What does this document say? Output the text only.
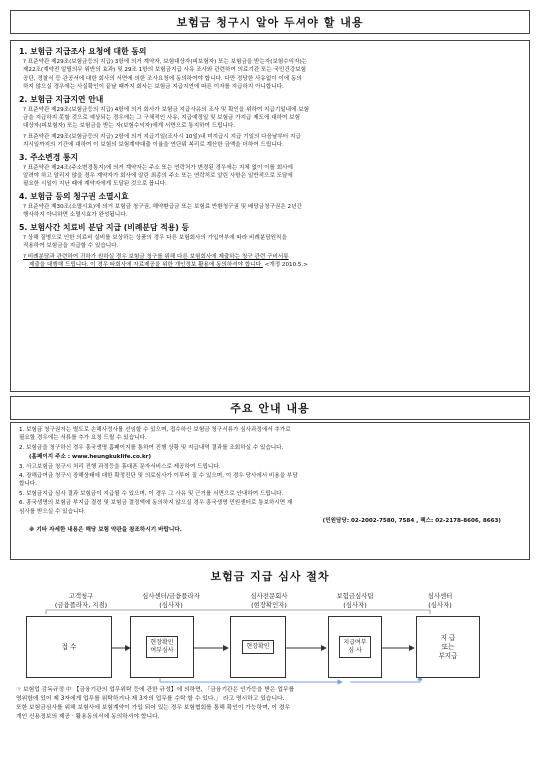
보험금 청구시 알아 두셔야 할 내용
1. 보험금 지급조사 요청에 대한 동의
? 표준약관 제29조(보험금등의 지급) 3항에 의거 계약자, 보험대상자(피보험자) 또는 보험금을 받는자(보험수익자)는
제22조(계약전 알릴의무 위반의 효과) 및 29조 1항의 보험금지급 사유 조사와 관련하여 의료기관 또는 국민건강보험
공단, 경찰서 등 관공서에 대한 회사의 서면에 의한 조사요청에 동의하여야 합니다. 다만 정당한 사유없이 이에 동의
하지 않으실 경우에는 사실확인이 끝날 때까지 회사는 보험금 지급지연에 따른 이자를 지급하지 아니합니다.
2. 보험금 지급지연 안내
? 표준약관 제29조(보험금등의 지급) 4항에 의거 회사가 보험금 지급사유의 조사 및 확인을 위하여 지급기일내에 보험
금을 지급하지 못할 것으로 예상되는 경우에는 그 구체적인 사유, 지급예정일 및 보험금 가지급 제도에 대하여 보험
대상자(피보험자) 또는 보험금을 받는 자(보험수익자)에게 서면으로 통지하여 드립니다.
? 표준약관 제29조(보험금등의 지급) 2항에 의거 지급기일(조사시 10일)내 미지급시 지급 기일의 다음날부터 지급
지시일까지의 기간에 대하여 이 보험의 보험계약대출 이율을 연단위 복리로 계산한 금액을 더하여 드립니다.
3. 주소변경 통지
? 표준약관 제24조(주소변경통지)에 의거 계약자는 주소 또는 연락처가 변경된 경우에는 지체 없이 이를 회사에
알려야 하고 알리지 않을 경우 계약자가 회사에 알린 최종의 주소 또는 연락처로 알린 사항은 일반적으로 도달에
필요한 시일이 지난 때에 계약자에게 도달된 것으로 봅니다.
4. 보험금 등의 청구권 소멸시효
? 표준약관 제30조(소멸시효)에 의거 보험금 청구권, 해약환급금 또는 보험료 반환청구권 및 배당금청구권은 2년간
행사하지 아니하면 소멸시효가 완성됩니다.
5. 보험사간 치료비 분담 지급 (비례분담 적용) 등
? 상해 질병으로 인한 의료비 실비를 보상하는 상품의 경우 다른 보험회사의 가입여부에 따라 비례분담원칙을
적용하여 보험금을 지급할 수 있습니다.
? 비례분담과 관련하여 귀하가 원하실 경우 보험금 청구를 위해 다른 보험회사에 제출하는 청구 관련 구비서류
제출을 대행해 드립니다. 이 경우 타회사에 자료제공을 위한 개인정보 활용에 동의하셔야 합니다. <개정 2010.5.>
주요 안내 내용
1. 보험금 청구권자는 별도로 손해사정사를 선임할 수 있으며, 접수하신 보험금 청구서류가 심사과정에서 추가로
필요할 경우에는 서류를 추가 요청 드릴 수 있습니다.
2. 보험금을 청구하신 경우 흥국생명 홈페이지를 통하여 진행 상황 및 지급내역 결과를 조회하실 수 있습니다.
(홈페이지 주소 : www.heungkuklife.co.kr)
3. 사고보험금 청구시 처리 진행 과정등을 휴대폰 문자서비스로 제공하여 드립니다.
4. 장해급여금 청구시 장해상태에 대한 확정진단 및 의료심사가 이루어 질 수 있으며, 이 경우 당사에서 비용을 부담
합니다.
5. 보험금지급 심사 결과 보험금이 지급될 수 있으며, 이 경우 그 사유 및 근거를 서면으로 안내하여 드립니다.
6. 흥국생명의 보험금 부지급 결정 및 보험금 결정액에 동의하지 않으실 경우 흥국생명 민원센터로 통보하시면 재
심사를 받으실 수 있습니다.
(민원담당: 02-2002-7580, 7584 , 팩스: 02-2178-8606, 8663)
※ 기타 자세한 내용은 해당 보험 약관을 참조하시기 바랍니다.
보험금 지급 심사 절차
고객청구
(금융플라자, 지점)
심사센터/금융플라자
(심사자)
심사전문회사
(현장확인자)
보험금심사팀
(심사자)
심사센터
(심사자)
접 수	현장확인
여부심사
현장확인
지급여부
심 사
지 급
또는
부지급
☞ 보험업 감독규정 中 【금융기관의 업무위탁 등에 관한 규정】에 의하면, 「금융기관은 인가등을 받은 업무를
영위함에 있어 제 3자에게 업무를 위탁하거나 제 3자의 업무를 수탁 할 수 있다.」 라고 명시하고 있습니다.
또한 보험금심사를 위해 보험사에 보험계약이 가입 되어 있는 경우 보험협회를 통해 확인이 가능하며, 이 경우
개인 신용정보의 제공 · 활용동의서에 동의하셔야 합니다.
